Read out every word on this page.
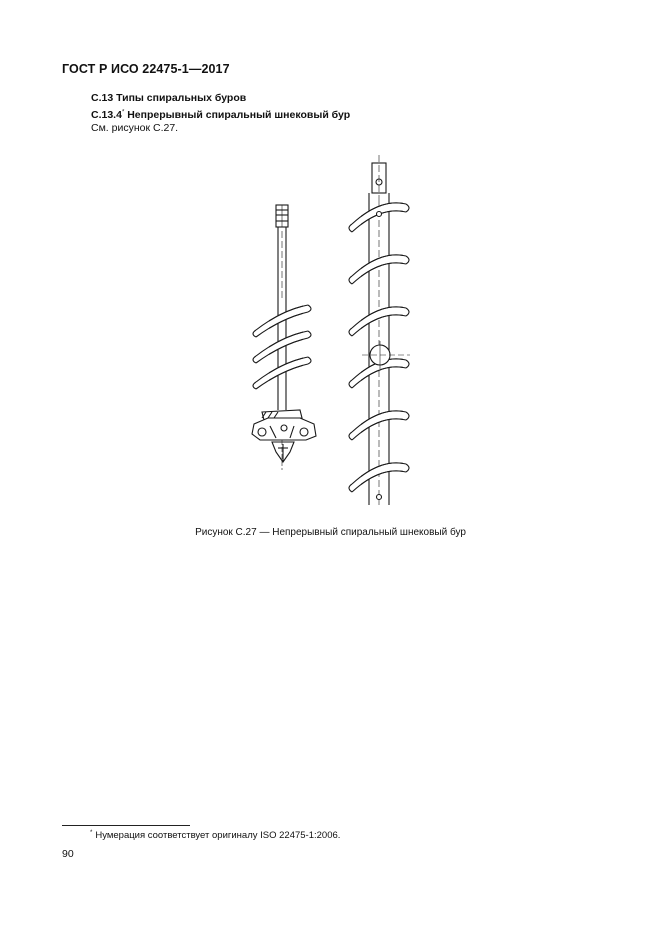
ГОСТ Р ИСО 22475-1—2017
С.13 Типы спиральных буров
С.13.4* Непрерывный спиральный шнековый бур
См. рисунок С.27.
Рисунок С.27 — Непрерывный спиральный шнековый бур
* Нумерация соответствует оригиналу ISO 22475-1:2006.
90
